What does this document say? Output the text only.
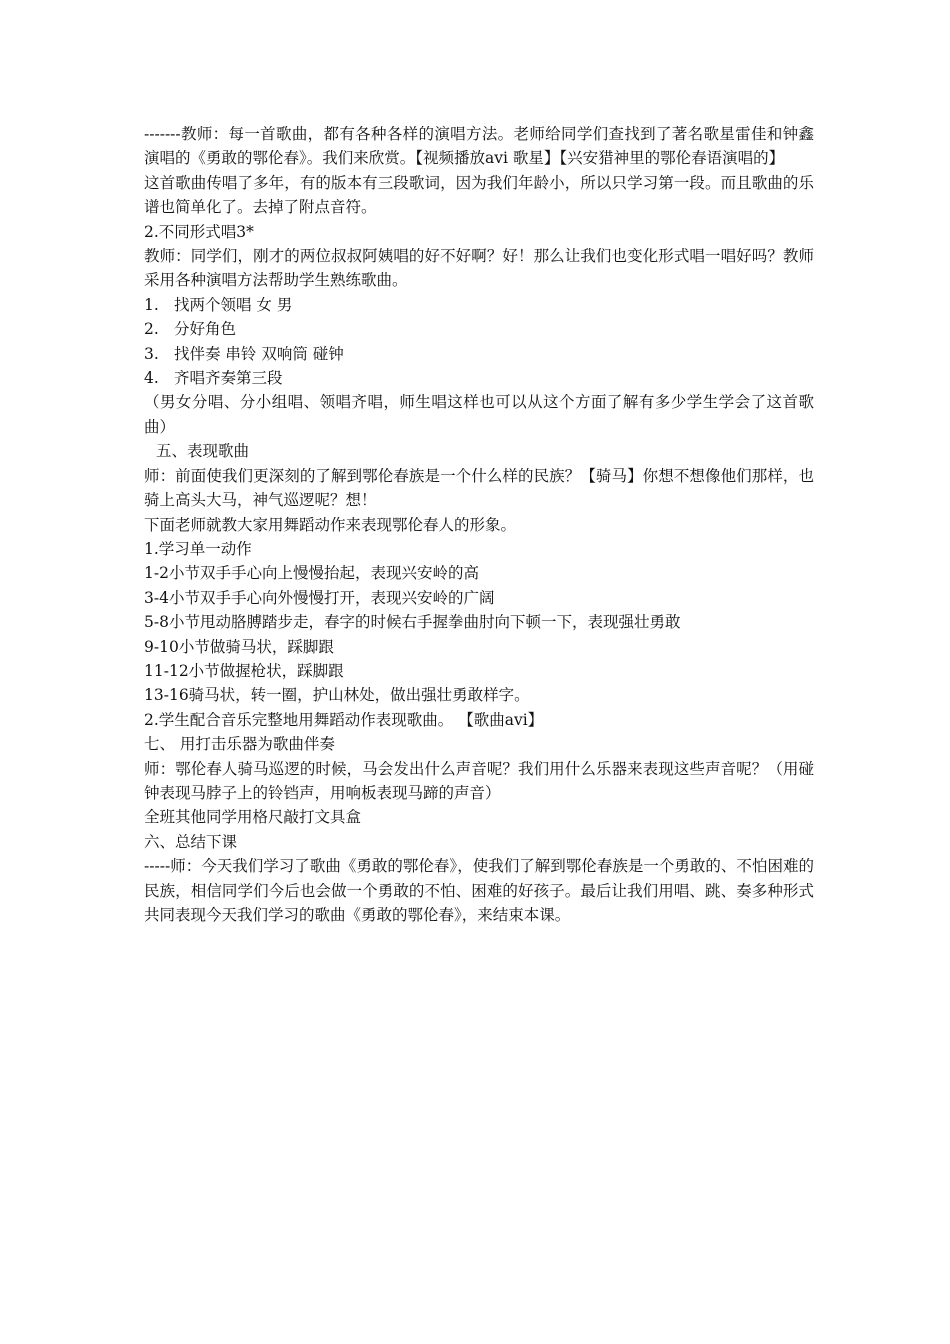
-------教师：每一首歌曲，都有各种各样的演唱方法。老师给同学们查找到了著名歌星雷佳和钟鑫演唱的《勇敢的鄂伦春》。我们来欣赏。【视频播放avi 歌星】【兴安猎神里的鄂伦春语演唱的】

这首歌曲传唱了多年，有的版本有三段歌词，因为我们年龄小，所以只学习第一段。而且歌曲的乐谱也简单化了。去掉了附点音符。

2.不同形式唱3*

教师：同学们，刚才的两位叔叔阿姨唱的好不好啊？好！那么让我们也变化形式唱一唱好吗？教师采用各种演唱方法帮助学生熟练歌曲。

1. 找两个领唱 女 男
2. 分好角色
3. 找伴奏 串铃 双响筒 碰钟
4. 齐唱齐奏第三段

（男女分唱、分小组唱、领唱齐唱，师生唱这样也可以从这个方面了解有多少学生学会了这首歌曲）

五、表现歌曲

师：前面使我们更深刻的了解到鄂伦春族是一个什么样的民族？【骑马】你想不想像他们那样，也骑上高头大马，神气巡逻呢？想！

下面老师就教大家用舞蹈动作来表现鄂伦春人的形象。

1.学习单一动作

1-2小节双手手心向上慢慢抬起，表现兴安岭的高

3-4小节双手手心向外慢慢打开，表现兴安岭的广阔

5-8小节甩动胳膊踏步走，春字的时候右手握拳曲肘向下顿一下，表现强壮勇敢

9-10小节做骑马状，踩脚跟

11-12小节做握枪状，踩脚跟

13-16骑马状，转一圈，护山林处，做出强壮勇敢样字。

2.学生配合音乐完整地用舞蹈动作表现歌曲。 【歌曲avi】

七、 用打击乐器为歌曲伴奏

师：鄂伦春人骑马巡逻的时候，马会发出什么声音呢？我们用什么乐器来表现这些声音呢？（用碰钟表现马脖子上的铃铛声，用响板表现马蹄的声音）

全班其他同学用格尺敲打文具盒

六、总结下课

-----师：今天我们学习了歌曲《勇敢的鄂伦春》，使我们了解到鄂伦春族是一个勇敢的、不怕困难的民族，相信同学们今后也会做一个勇敢的不怕、困难的好孩子。最后让我们用唱、跳、奏多种形式共同表现今天我们学习的歌曲《勇敢的鄂伦春》，来结束本课。
